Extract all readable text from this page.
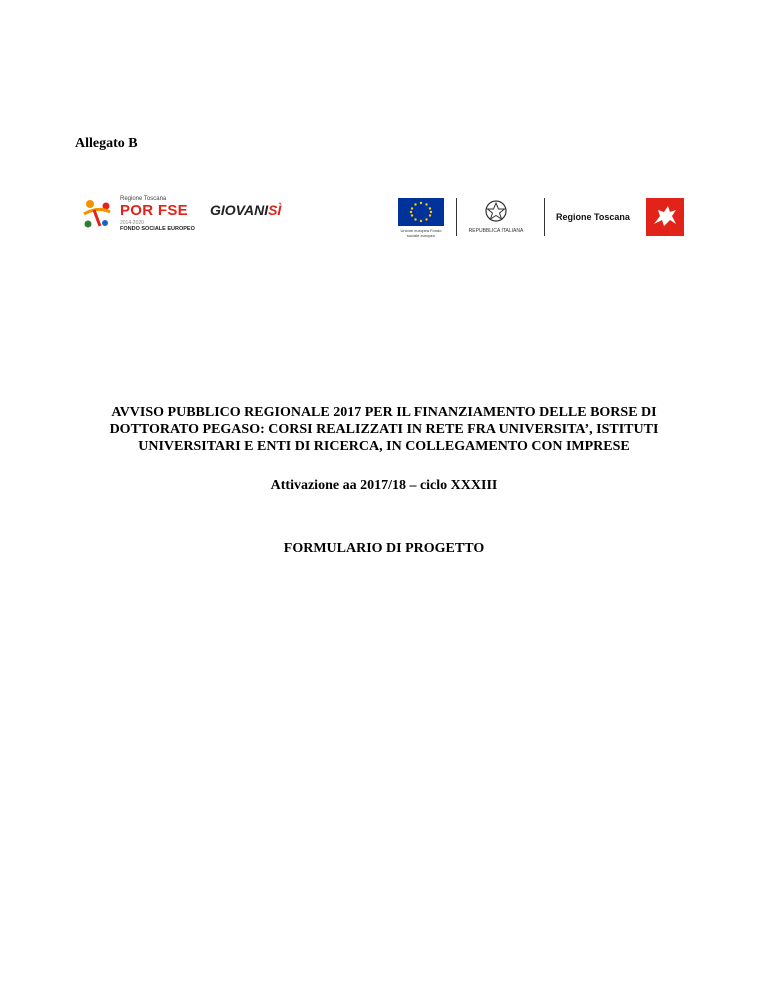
Allegato B
Regione Toscana
POR FSE
2014-2020
FONDO SOCIALE EUROPEO
GIOVANISÌ
Unione europea Fondo sociale europeo
REPUBBLICA ITALIANA
Regione Toscana
AVVISO PUBBLICO REGIONALE 2017 PER IL FINANZIAMENTO DELLE BORSE DI
DOTTORATO PEGASO: CORSI REALIZZATI IN RETE FRA UNIVERSITA’, ISTITUTI
UNIVERSITARI E ENTI DI RICERCA, IN COLLEGAMENTO CON IMPRESE
Attivazione aa 2017/18 – ciclo XXXIII
FORMULARIO DI PROGETTO
